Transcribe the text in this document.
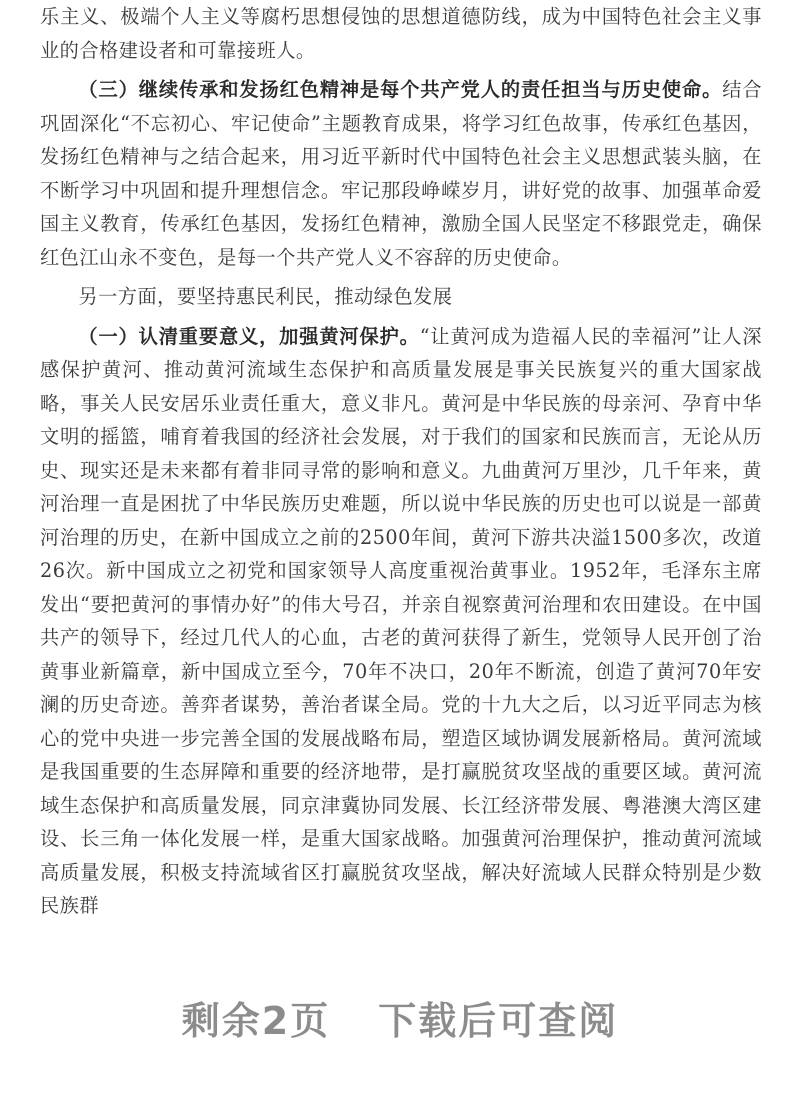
乐主义、极端个人主义等腐朽思想侵蚀的思想道德防线，成为中国特色社会主义事业的合格建设者和可靠接班人。

（三）继续传承和发扬红色精神是每个共产党人的责任担当与历史使命。结合巩固深化“不忘初心、牢记使命”主题教育成果，将学习红色故事，传承红色基因，发扬红色精神与之结合起来，用习近平新时代中国特色社会主义思想武装头脑，在不断学习中巩固和提升理想信念。牢记那段峥嵘岁月，讲好党的故事、加强革命爱国主义教育，传承红色基因，发扬红色精神，激励全国人民坚定不移跟党走，确保红色江山永不变色，是每一个共产党人义不容辞的历史使命。

另一方面，要坚持惠民利民，推动绿色发展

（一）认清重要意义，加强黄河保护。“让黄河成为造福人民的幸福河”让人深感保护黄河、推动黄河流域生态保护和高质量发展是事关民族复兴的重大国家战略，事关人民安居乐业责任重大，意义非凡。黄河是中华民族的母亲河、孕育中华文明的摇篮，哺育着我国的经济社会发展，对于我们的国家和民族而言，无论从历史、现实还是未来都有着非同寻常的影响和意义。九曲黄河万里沙，几千年来，黄河治理一直是困扰了中华民族历史难题，所以说中华民族的历史也可以说是一部黄河治理的历史，在新中国成立之前的2500年间，黄河下游共决溢1500多次，改道26次。新中国成立之初党和国家领导人高度重视治黄事业。1952年，毛泽东主席发出“要把黄河的事情办好”的伟大号召，并亲自视察黄河治理和农田建设。在中国共产的领导下，经过几代人的心血，古老的黄河获得了新生，党领导人民开创了治黄事业新篇章，新中国成立至今，70年不决口，20年不断流，创造了黄河70年安澜的历史奇迹。善弈者谋势，善治者谋全局。党的十九大之后，以习近平同志为核心的党中央进一步完善全国的发展战略布局，塑造区域协调发展新格局。黄河流域是我国重要的生态屏障和重要的经济地带，是打赢脱贫攻坚战的重要区域。黄河流域生态保护和高质量发展，同京津冀协同发展、长江经济带发展、粤港澳大湾区建设、长三角一体化发展一样，是重大国家战略。加强黄河治理保护，推动黄河流域高质量发展，积极支持流域省区打赢脱贫攻坚战，解决好流域人民群众特别是少数民族群

剩余2页 下载后可查阅
